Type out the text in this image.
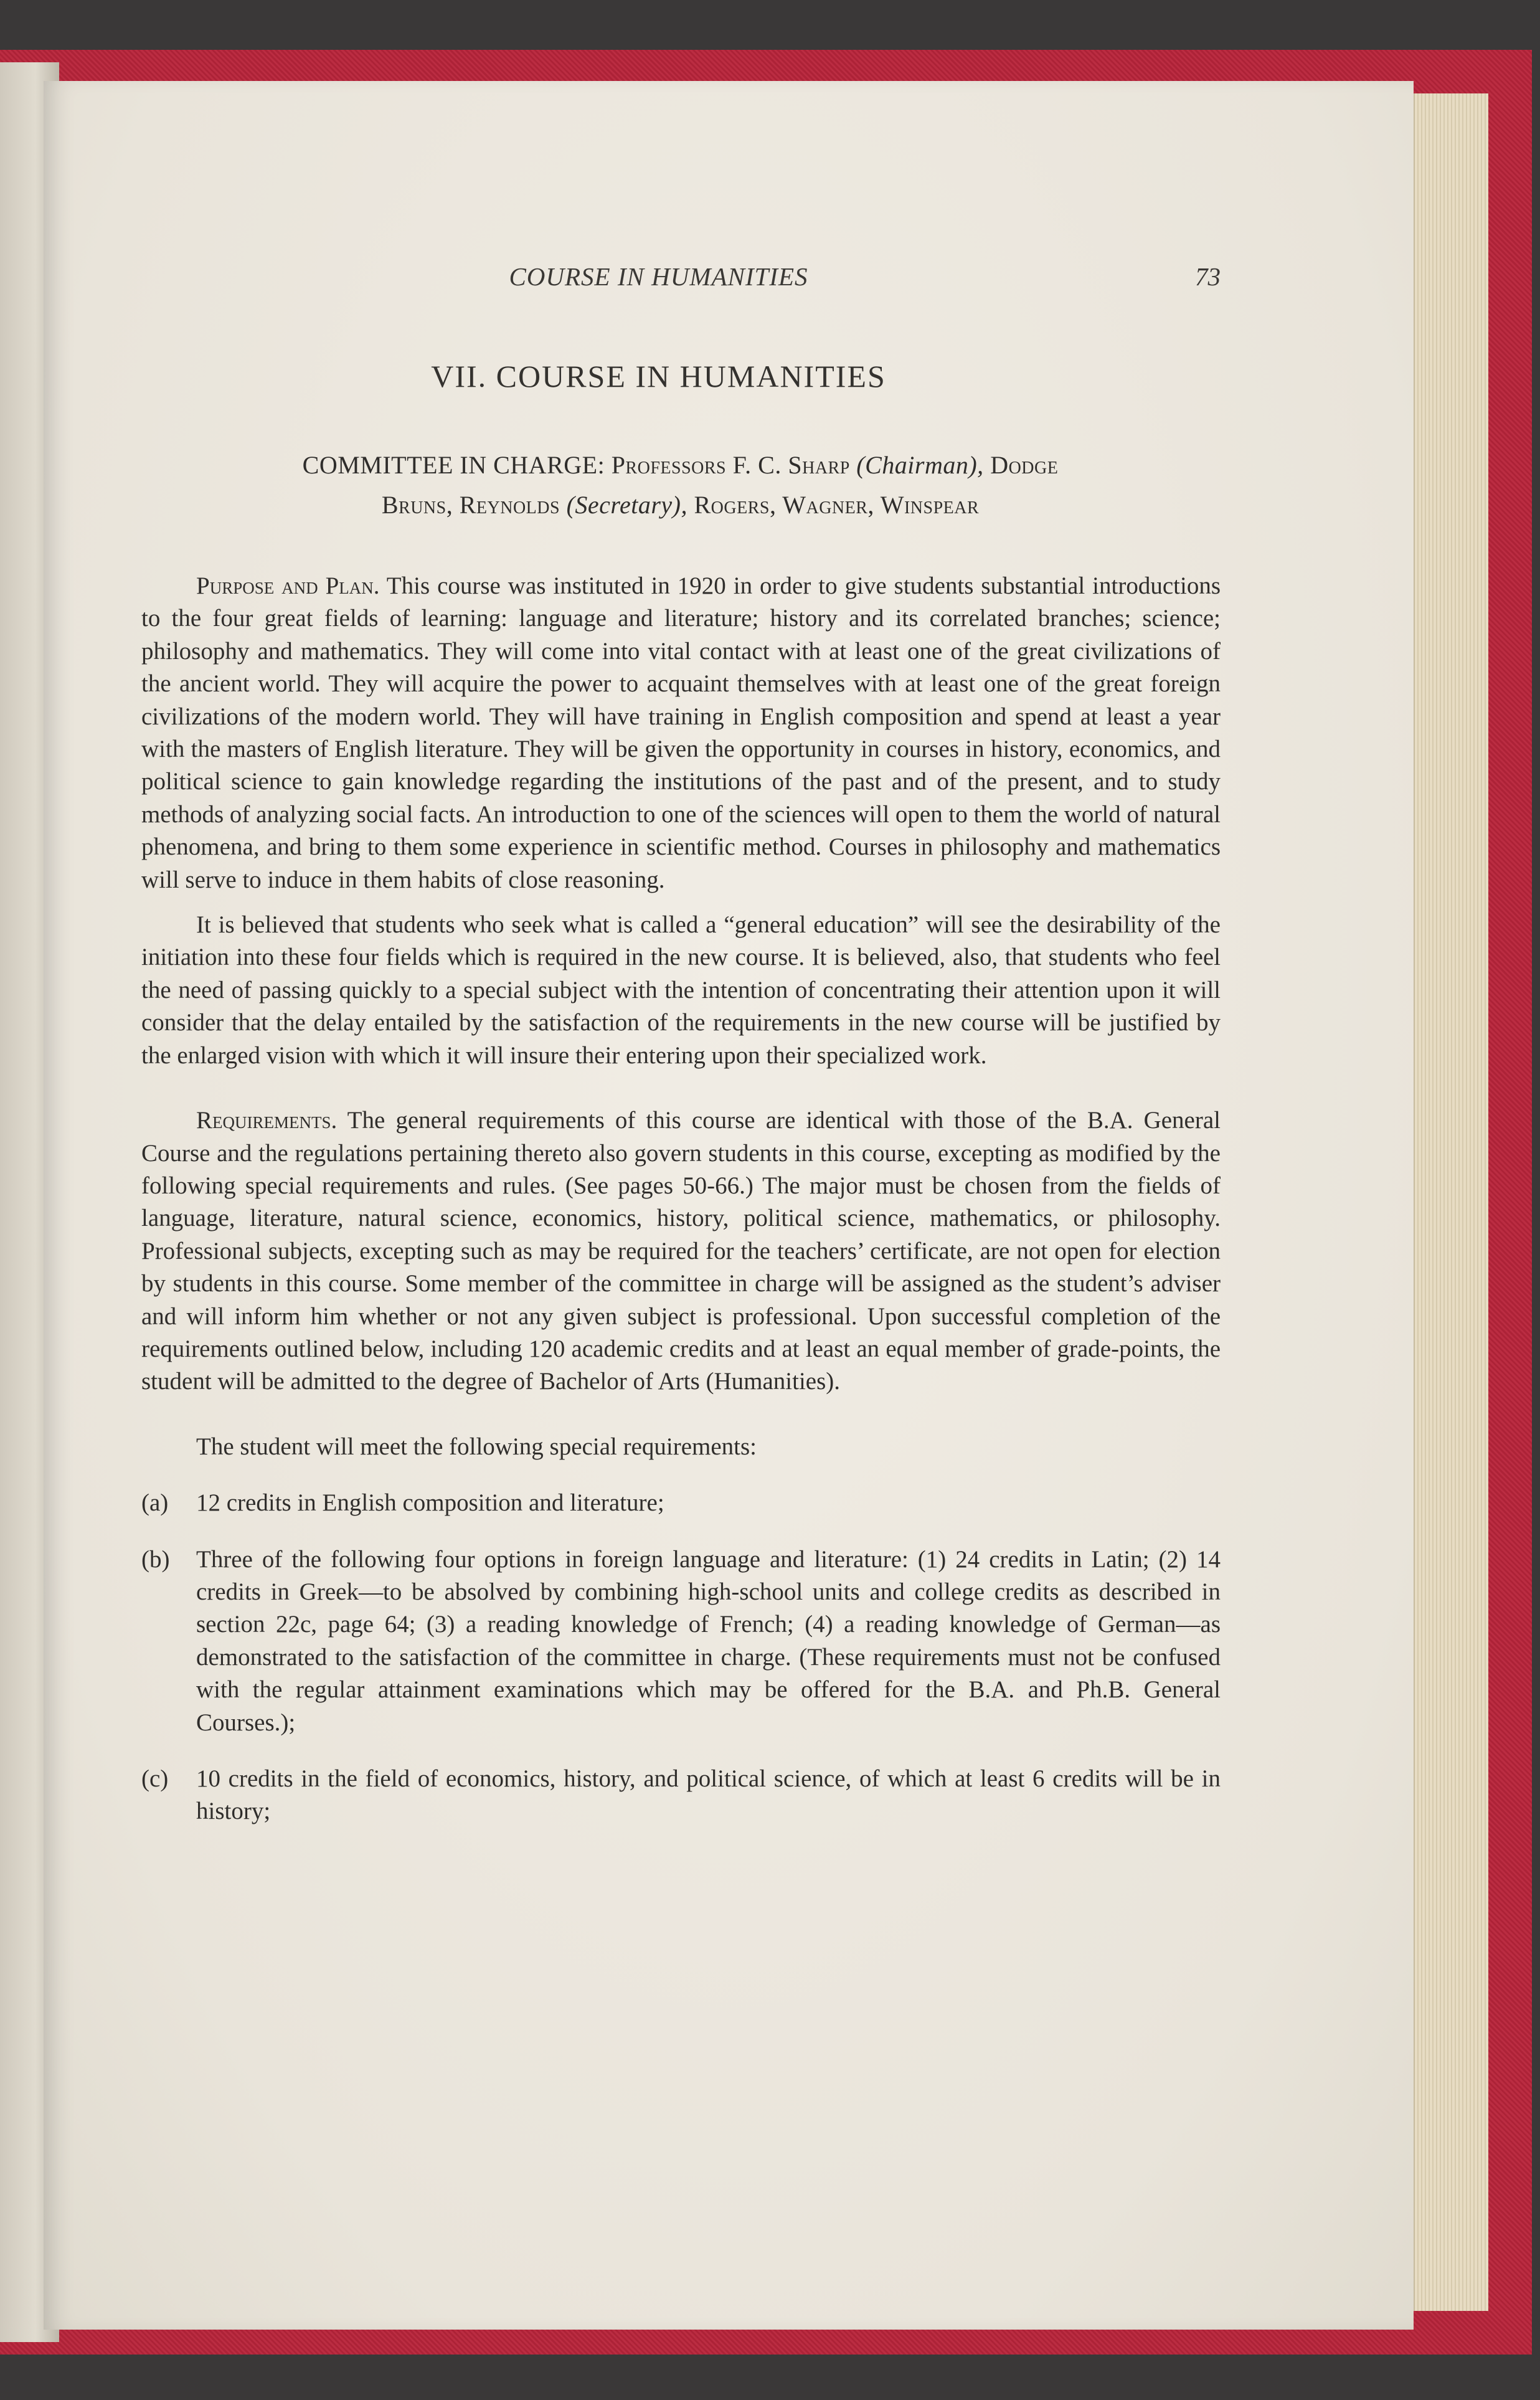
COURSE IN HUMANITIES	73
VII. COURSE IN HUMANITIES
COMMITTEE IN CHARGE: Professors F. C. Sharp (Chairman), Dodge
Bruns, Reynolds (Secretary), Rogers, Wagner, Winspear

Purpose and Plan. This course was instituted in 1920 in order to give students substantial introductions to the four great fields of learning: language and literature; history and its correlated branches; science; philosophy and mathematics. They will come into vital contact with at least one of the great civilizations of the ancient world. They will acquire the power to acquaint themselves with at least one of the great foreign civilizations of the modern world. They will have training in English composition and spend at least a year with the masters of English literature. They will be given the opportunity in courses in history, economics, and political science to gain knowledge regarding the institutions of the past and of the present, and to study methods of analyzing social facts. An introduction to one of the sciences will open to them the world of natural phenomena, and bring to them some experience in scientific method. Courses in philosophy and mathematics will serve to induce in them habits of close reasoning.

It is believed that students who seek what is called a “general education” will see the desirability of the initiation into these four fields which is required in the new course. It is believed, also, that students who feel the need of passing quickly to a special subject with the intention of concentrating their attention upon it will consider that the delay entailed by the satisfaction of the requirements in the new course will be justified by the enlarged vision with which it will insure their entering upon their specialized work.

Requirements. The general requirements of this course are identical with those of the B.A. General Course and the regulations pertaining thereto also govern students in this course, excepting as modified by the following special requirements and rules. (See pages 50-66.) The major must be chosen from the fields of language, literature, natural science, economics, history, political science, mathematics, or philosophy. Professional subjects, excepting such as may be required for the teachers’ certificate, are not open for election by students in this course. Some member of the committee in charge will be assigned as the student’s adviser and will inform him whether or not any given subject is professional. Upon successful completion of the requirements outlined below, including 120 academic credits and at least an equal member of grade-points, the student will be admitted to the degree of Bachelor of Arts (Humanities).

The student will meet the following special requirements:

(a)	12 credits in English composition and literature;
(b)	Three of the following four options in foreign language and literature: (1) 24 credits in Latin; (2) 14 credits in Greek—to be absolved by combining high-school units and college credits as described in section 22c, page 64; (3) a reading knowledge of French; (4) a reading knowledge of German—as demonstrated to the satisfaction of the committee in charge. (These requirements must not be confused with the regular attainment examinations which may be offered for the B.A. and Ph.B. General Courses.);
(c)	10 credits in the field of economics, history, and political science, of which at least 6 credits will be in history;
